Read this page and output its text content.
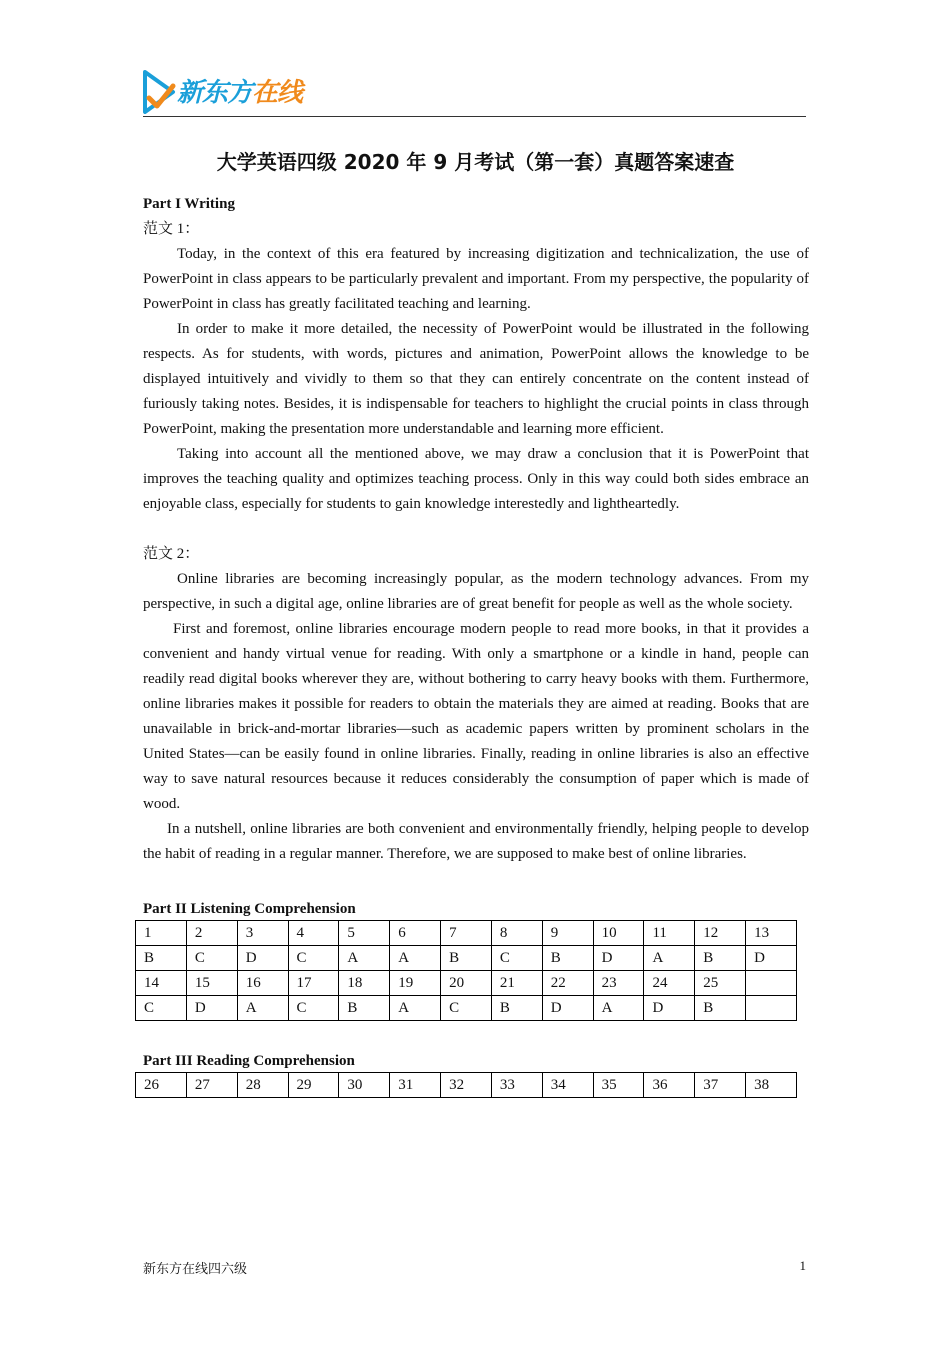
新东方在线
大学英语四级 2020 年 9 月考试（第一套）真题答案速查

Part I Writing

范文 1：

Today, in the context of this era featured by increasing digitization and technicalization, the use of PowerPoint in class appears to be particularly prevalent and important. From my perspective, the popularity of PowerPoint in class has greatly facilitated teaching and learning.

In order to make it more detailed, the necessity of PowerPoint would be illustrated in the following respects. As for students, with words, pictures and animation, PowerPoint allows the knowledge to be displayed intuitively and vividly to them so that they can entirely concentrate on the content instead of furiously taking notes. Besides, it is indispensable for teachers to highlight the crucial points in class through PowerPoint, making the presentation more understandable and learning more efficient.

Taking into account all the mentioned above, we may draw a conclusion that it is PowerPoint that improves the teaching quality and optimizes teaching process. Only in this way could both sides embrace an enjoyable class, especially for students to gain knowledge interestedly and lightheartedly.

范文 2：

Online libraries are becoming increasingly popular, as the modern technology advances. From my perspective, in such a digital age, online libraries are of great benefit for people as well as the whole society.

First and foremost, online libraries encourage modern people to read more books, in that it provides a convenient and handy virtual venue for reading. With only a smartphone or a kindle in hand, people can readily read digital books wherever they are, without bothering to carry heavy books with them. Furthermore, online libraries makes it possible for readers to obtain the materials they are aimed at reading. Books that are unavailable in brick-and-mortar libraries—such as academic papers written by prominent scholars in the United States—can be easily found in online libraries. Finally, reading in online libraries is also an effective way to save natural resources because it reduces considerably the consumption of paper which is made of wood.

In a nutshell, online libraries are both convenient and environmentally friendly, helping people to develop the habit of reading in a regular manner. Therefore, we are supposed to make best of online libraries.

Part II Listening Comprehension
1	2	3	4	5	6	7	8	9	10	11	12	13
B	C	D	C	A	A	B	C	B	D	A	B	D
14	15	16	17	18	19	20	21	22	23	24	25	
C	D	A	C	B	A	C	B	D	A	D	B	
Part III Reading Comprehension
26	27	28	29	30	31	32	33	34	35	36	37	38
新东方在线四六级	1
